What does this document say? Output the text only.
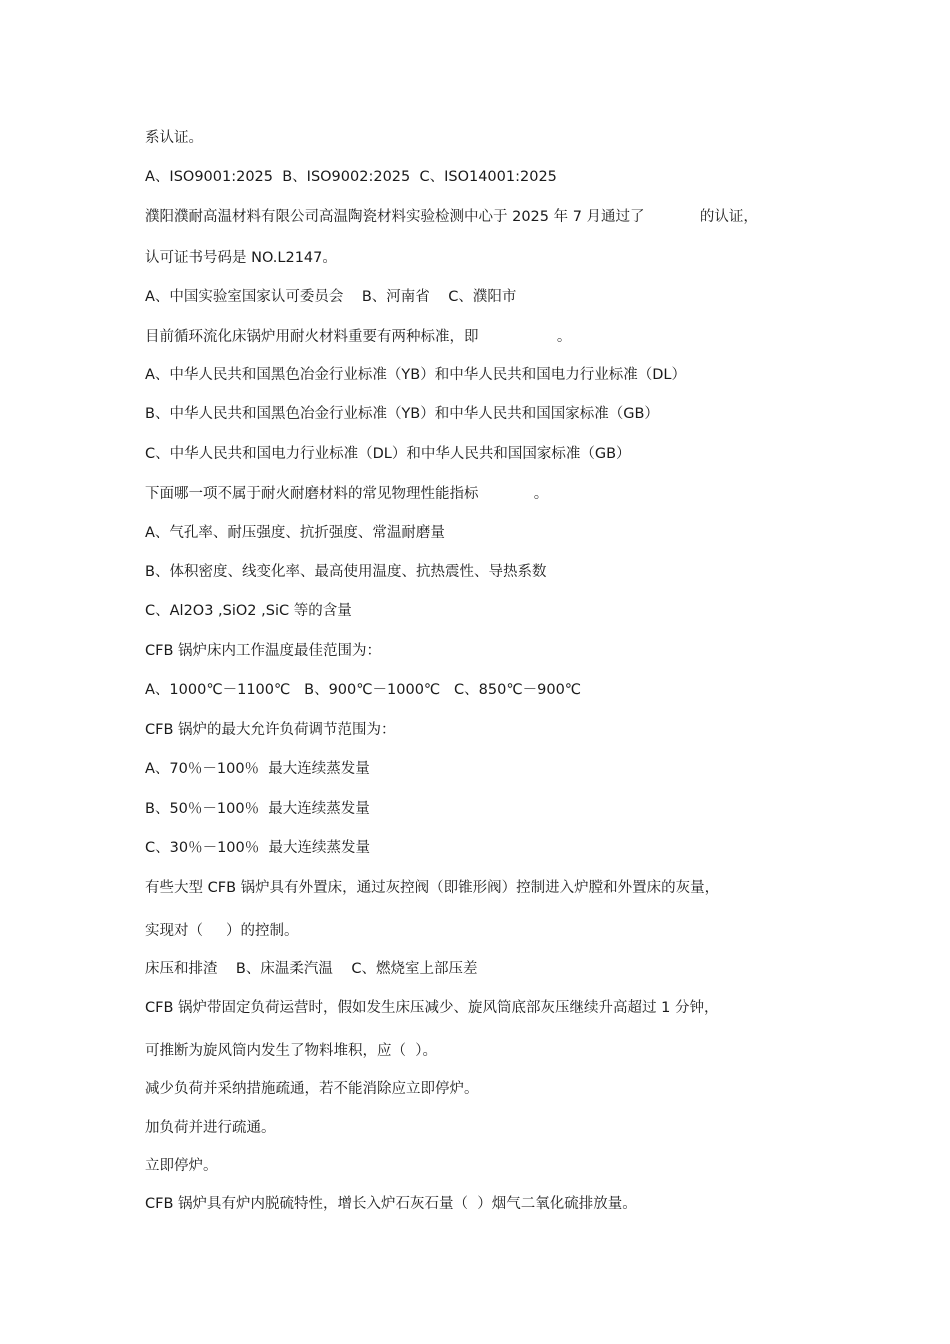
系认证。

A、ISO9001:2025  B、ISO9002:2025  C、ISO14001:2025

濮阳濮耐高温材料有限公司高温陶瓷材料实验检测中心于 2025 年 7 月通过了            的认证，

认可证书号码是 NO.L2147。

A、中国实验室国家认可委员会    B、河南省    C、濮阳市

目前循环流化床锅炉用耐火材料重要有两种标准，即                 。

A、中华人民共和国黑色冶金行业标准（YB）和中华人民共和国电力行业标准（DL）

B、中华人民共和国黑色冶金行业标准（YB）和中华人民共和国国家标准（GB）

C、中华人民共和国电力行业标准（DL）和中华人民共和国国家标准（GB）

下面哪一项不属于耐火耐磨材料的常见物理性能指标            。

A、气孔率、耐压强度、抗折强度、常温耐磨量

B、体积密度、线变化率、最高使用温度、抗热震性、导热系数

C、Al2O3 ,SiO2 ,SiC 等的含量

CFB 锅炉床内工作温度最佳范围为：

A、1000℃－1100℃   B、900℃－1000℃   C、850℃－900℃

CFB 锅炉的最大允许负荷调节范围为：

A、70％－100％  最大连续蒸发量

B、50％－100％  最大连续蒸发量

C、30％－100％  最大连续蒸发量

有些大型 CFB 锅炉具有外置床，通过灰控阀（即锥形阀）控制进入炉膛和外置床的灰量，

实现对（     ）的控制。

床压和排渣    B、床温柔汽温    C、燃烧室上部压差

CFB 锅炉带固定负荷运营时，假如发生床压减少、旋风筒底部灰压继续升高超过 1 分钟，

可推断为旋风筒内发生了物料堆积，应（  ）。

减少负荷并采纳措施疏通，若不能消除应立即停炉。

加负荷并进行疏通。

立即停炉。

CFB 锅炉具有炉内脱硫特性，增长入炉石灰石量（  ）烟气二氧化硫排放量。
